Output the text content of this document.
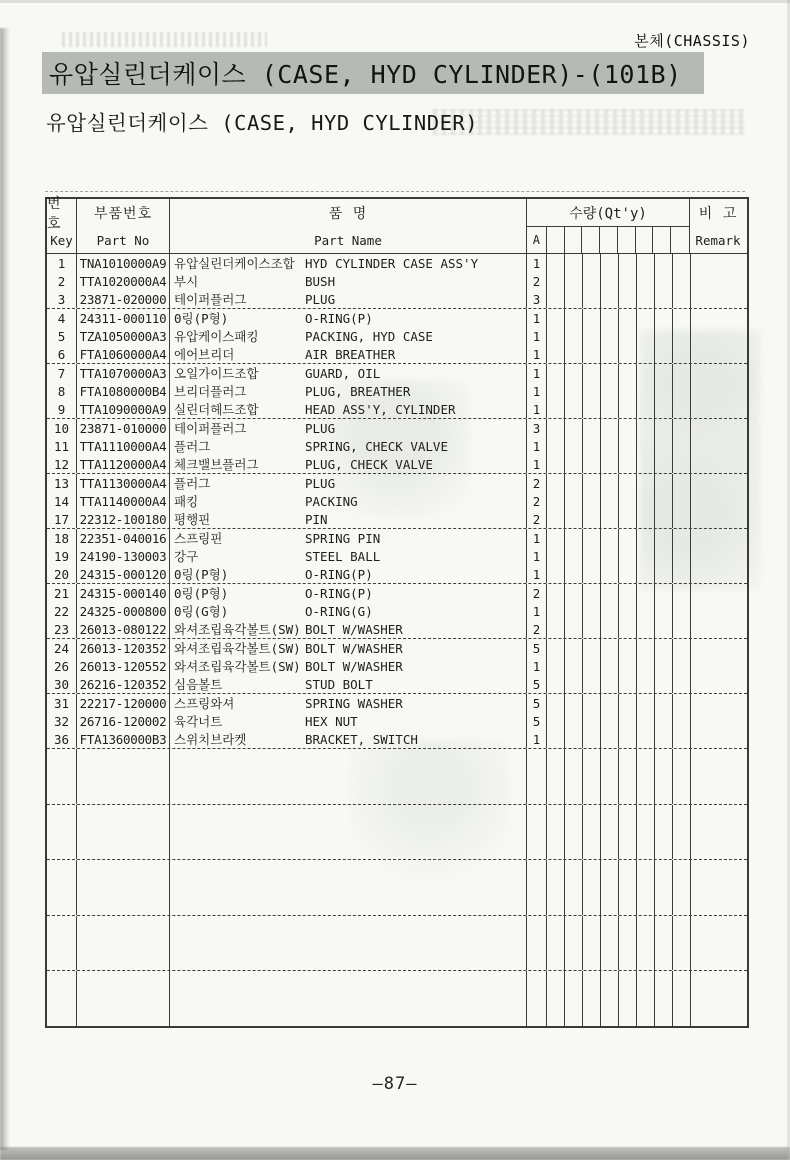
본체(CHASSIS)
유압실린더케이스 (CASE, HYD CYLINDER)-(101B)
유압실린더케이스 (CASE, HYD CYLINDER)
번호
Key
부품번호
Part No
품 명
Part Name
수량(Qt'y)
A
비 고
Remark
1	TNA1010000A9 유압실린더케이스조합 HYD CYLINDER CASE ASS'Y	1
2	TTA1020000A4 부시	BUSH	2
3	23871-020000 테이퍼플러그	PLUG	3
4	24311-000110 0링(P형)	O-RING(P)	1
5	TZA1050000A3 유압케이스패킹	PACKING, HYD CASE	1
6	FTA1060000A4 에어브리더	AIR BREATHER	1
7	TTA1070000A3 오일가이드조합	GUARD, OIL	1
8	FTA1080000B4 브리더플러그	PLUG, BREATHER	1
9	TTA1090000A9 실린더헤드조합	HEAD ASS'Y, CYLINDER	1
10 23871-010000 테이퍼플러그	PLUG	3
11 TTA1110000A4 플러그	SPRING, CHECK VALVE	1
12 TTA1120000A4 체크밸브플러그	PLUG, CHECK VALVE	1
13 TTA1130000A4 플러그	PLUG	2
14 TTA1140000A4 패킹	PACKING	2
17 22312-100180 평행핀	PIN	2
18 22351-040016 스프링핀	SPRING PIN	1
19 24190-130003 강구	STEEL BALL	1
20 24315-000120 0링(P형)	O-RING(P)	1
21 24315-000140 0링(P형)	O-RING(P)	2
22 24325-000800 0링(G형)	O-RING(G)	1
23 26013-080122 와셔조립육각볼트(SW) BOLT W/WASHER	2
24 26013-120352 와셔조립육각볼트(SW) BOLT W/WASHER	5
26 26013-120552 와셔조립육각볼트(SW) BOLT W/WASHER	1
30 26216-120352 심음볼트	STUD BOLT	5
31 22217-120000 스프링와셔	SPRING WASHER	5
32 26716-120002 육각너트	HEX NUT	5
36 FTA1360000B3 스위치브라켓	BRACKET, SWITCH	1
–87–
